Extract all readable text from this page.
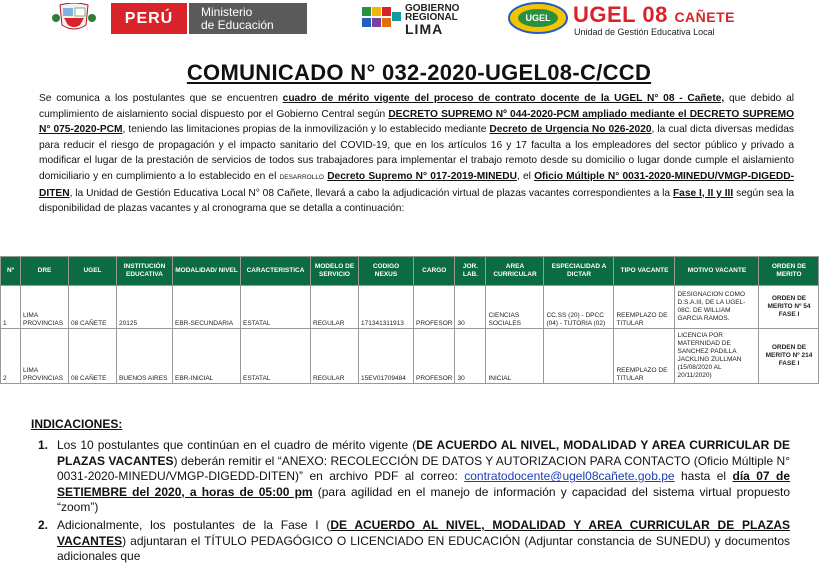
PERÚ Ministerio
de Educación
GOBIERNO
REGIONAL
LIMA
UGEL UGEL 08 CAÑETE
Unidad de Gestión Educativa Local
COMUNICADO N° 032-2020-UGEL08-C/CCD
Se comunica a los postulantes que se encuentren cuadro de mérito vigente del proceso de contrato docente de la UGEL N° 08 - Cañete, que debido al cumplimiento de aislamiento social dispuesto por el Gobierno Central según DECRETO SUPREMO Nº 044-2020-PCM ampliado mediante el DECRETO SUPREMO N° 075-2020-PCM, teniendo las limitaciones propias de la inmovilización y lo establecido mediante Decreto de Urgencia No 026-2020, la cual dicta diversas medidas para reducir el riesgo de propagación y el impacto sanitario del COVID-19, que en los artículos 16 y 17 faculta a los empleadores del sector público y privado a modificar el lugar de la prestación de servicios de todos sus trabajadores para implementar el trabajo remoto desde su domicilio o lugar donde cumple el aislamiento domiciliario y en cumplimiento a lo establecido en el DESARROLLO Decreto Supremo N° 017-2019-MINEDU, el Oficio Múltiple N° 0031-2020-MINEDU/VMGP-DIGEDD-DITEN, la Unidad de Gestión Educativa Local N° 08 Cañete, llevará a cabo la adjudicación virtual de plazas vacantes correspondientes a la Fase I, II y III según sea la disponibilidad de plazas vacantes y al cronograma que se detalla a continuación:
Nº	DRE	UGEL	INSTITUCIÓN EDUCATIVA	MODALIDAD/ NIVEL	CARACTERISTICA	MODELO DE SERVICIO	CODIGO NEXUS	CARGO	JOR. LAB.	AREA CURRICULAR	ESPECIALIDAD A DICTAR	TIPO VACANTE	MOTIVO VACANTE	ORDEN DE MERITO
1	LIMA PROVINCIAS	08 CAÑETE	20125	EBR-SECUNDARIA	ESTATAL	REGULAR	171341311913	PROFESOR	30	CIENCIAS SOCIALES	CC.SS (20) - DPCC (04) - TUTORIA (02)	REEMPLAZO DE TITULAR	DESIGNACION COMO D.S.A.III, DE LA UGEL-08C. DE WILLIAM GARCIA RAMOS.	ORDEN DE MERITO Nº 54 FASE I
2	LIMA PROVINCIAS	08 CAÑETE	BUENOS AIRES	EBR-INICIAL	ESTATAL	REGULAR	15EV01709484	PROFESOR	30	INICIAL		REEMPLAZO DE TITULAR	LICENCIA POR MATERNIDAD DE SANCHEZ PADILLA JACKLING ZULLMAN (15/08/2020 AL 20/11/2020)	ORDEN DE MERITO Nº 214 FASE I
INDICACIONES:
1. Los 10 postulantes que continúan en el cuadro de mérito vigente (DE ACUERDO AL NIVEL, MODALIDAD Y AREA CURRICULAR DE PLAZAS VACANTES) deberán remitir el “ANEXO: RECOLECCIÓN DE DATOS Y AUTORIZACION PARA CONTACTO (Oficio Múltiple N° 0031-2020-MINEDU/VMGP-DIGEDD-DITEN)” en archivo PDF al correo: contratodocente@ugel08cañete.gob.pe hasta el día 07 de SETIEMBRE del 2020, a horas de 05:00 pm (para agilidad en el manejo de información y capacidad del sistema virtual propuesto “zoom”)
2. Adicionalmente, los postulantes de la Fase I (DE ACUERDO AL NIVEL, MODALIDAD Y AREA CURRICULAR DE PLAZAS VACANTES) adjuntaran el TÍTULO PEDAGÓGICO O LICENCIADO EN EDUCACIÓN (Adjuntar constancia de SUNEDU) y documentos adicionales que
